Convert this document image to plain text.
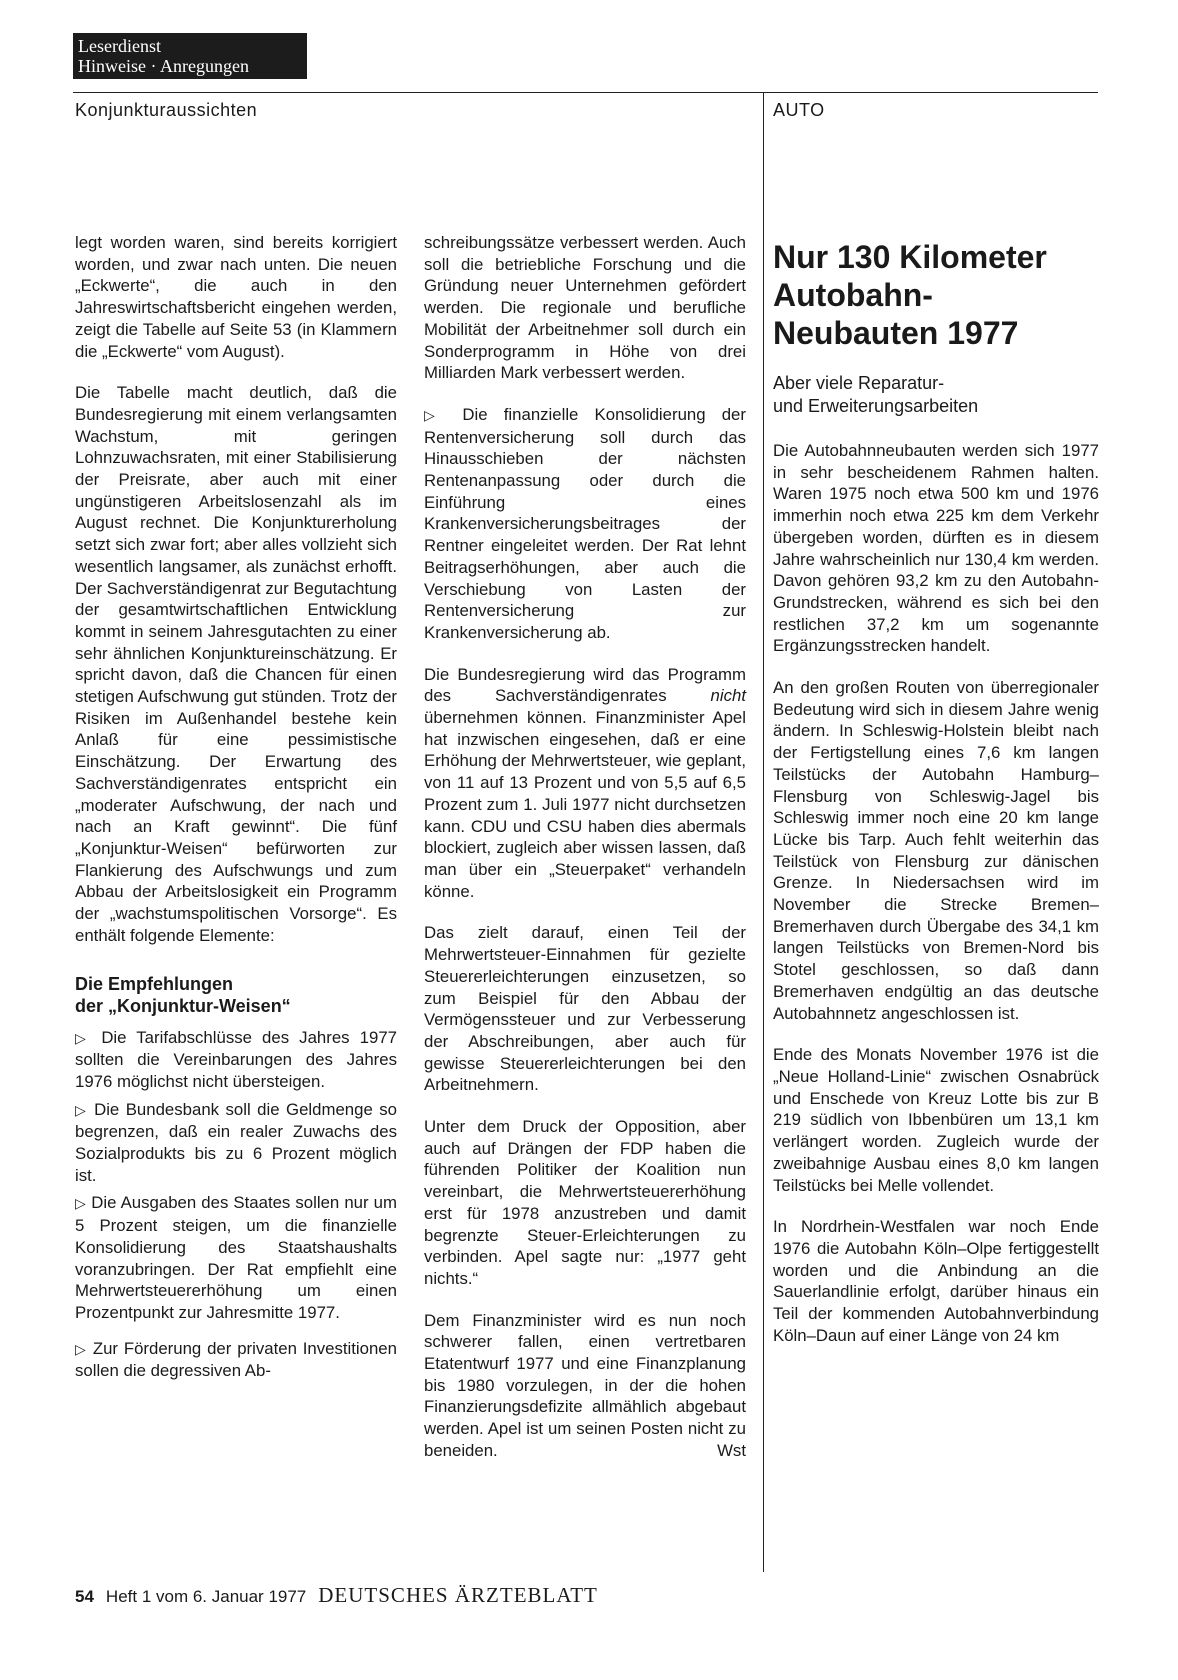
Leserdienst
Hinweise · Anregungen
Konjunkturaussichten	AUTO

legt worden waren, sind bereits korrigiert worden, und zwar nach unten. Die neuen „Eckwerte“, die auch in den Jahreswirtschaftsbericht eingehen werden, zeigt die Tabelle auf Seite 53 (in Klammern die „Eckwerte“ vom August).

Die Tabelle macht deutlich, daß die Bundesregierung mit einem verlangsamten Wachstum, mit geringen Lohnzuwachsraten, mit einer Stabilisierung der Preisrate, aber auch mit einer ungünstigeren Arbeitslosenzahl als im August rechnet. Die Konjunkturerholung setzt sich zwar fort; aber alles vollzieht sich wesentlich langsamer, als zunächst erhofft. Der Sachverständigenrat zur Begutachtung der gesamtwirtschaftlichen Entwicklung kommt in seinem Jahresgutachten zu einer sehr ähnlichen Konjunktureinschätzung. Er spricht davon, daß die Chancen für einen stetigen Aufschwung gut stünden. Trotz der Risiken im Außenhandel bestehe kein Anlaß für eine pessimistische Einschätzung. Der Erwartung des Sachverständigenrates entspricht ein „moderater Aufschwung, der nach und nach an Kraft gewinnt“. Die fünf „Konjunktur-Weisen“ befürworten zur Flankierung des Aufschwungs und zum Abbau der Arbeitslosigkeit ein Programm der „wachstumspolitischen Vorsorge“. Es enthält folgende Elemente:

Die Empfehlungen
der „Konjunktur-Weisen“

▷ Die Tarifabschlüsse des Jahres 1977 sollten die Vereinbarungen des Jahres 1976 möglichst nicht übersteigen.

▷ Die Bundesbank soll die Geldmenge so begrenzen, daß ein realer Zuwachs des Sozialprodukts bis zu 6 Prozent möglich ist.

▷ Die Ausgaben des Staates sollen nur um 5 Prozent steigen, um die finanzielle Konsolidierung des Staatshaushalts voranzubringen. Der Rat empfiehlt eine Mehrwertsteuererhöhung um einen Prozentpunkt zur Jahresmitte 1977.

▷ Zur Förderung der privaten Investitionen sollen die degressiven Ab-

schreibungssätze verbessert werden. Auch soll die betriebliche Forschung und die Gründung neuer Unternehmen gefördert werden. Die regionale und berufliche Mobilität der Arbeitnehmer soll durch ein Sonderprogramm in Höhe von drei Milliarden Mark verbessert werden.

▷ Die finanzielle Konsolidierung der Rentenversicherung soll durch das Hinausschieben der nächsten Rentenanpassung oder durch die Einführung eines Krankenversicherungsbeitrages der Rentner eingeleitet werden. Der Rat lehnt Beitragserhöhungen, aber auch die Verschiebung von Lasten der Rentenversicherung zur Krankenversicherung ab.

Die Bundesregierung wird das Programm des Sachverständigenrates	nicht übernehmen können. Finanzminister Apel hat inzwischen eingesehen, daß er eine Erhöhung der Mehrwertsteuer, wie geplant, von 11 auf 13 Prozent und von 5,5 auf 6,5 Prozent zum 1. Juli 1977 nicht durchsetzen kann. CDU und CSU haben dies abermals blockiert, zugleich aber wissen lassen, daß man über ein „Steuerpaket“ verhandeln könne.

Das zielt darauf, einen Teil der Mehrwertsteuer-Einnahmen für gezielte Steuererleichterungen einzusetzen, so zum Beispiel für den Abbau der Vermögenssteuer und zur Verbesserung der Abschreibungen, aber auch für gewisse Steuererleichterungen bei den Arbeitnehmern.

Unter dem Druck der Opposition, aber auch auf Drängen der FDP haben die führenden Politiker der Koalition nun vereinbart, die Mehrwertsteuererhöhung erst für 1978 anzustreben und damit begrenzte Steuer-Erleichterungen zu verbinden. Apel sagte nur: „1977 geht nichts.“

Dem Finanzminister wird es nun noch schwerer fallen, einen vertretbaren Etatentwurf 1977 und eine Finanzplanung bis 1980 vorzulegen, in der die hohen Finanzierungsdefizite allmählich abgebaut werden. Apel ist um seinen Posten nicht zu beneiden.	Wst

Nur 130 Kilometer
Autobahn-
Neubauten 1977

Aber viele Reparatur-
und Erweiterungsarbeiten

Die Autobahnneubauten werden sich 1977 in sehr bescheidenem Rahmen halten. Waren 1975 noch etwa 500 km und 1976 immerhin noch etwa 225 km dem Verkehr übergeben worden, dürften es in diesem Jahre wahrscheinlich nur 130,4 km werden. Davon gehören 93,2 km zu den Autobahn-Grundstrecken, während es sich bei den restlichen 37,2 km um sogenannte Ergänzungsstrecken handelt.

An den großen Routen von überregionaler Bedeutung wird sich in diesem Jahre wenig ändern. In Schleswig-Holstein bleibt nach der Fertigstellung eines 7,6 km langen Teilstücks der Autobahn Hamburg–Flensburg von Schleswig-Jagel bis Schleswig immer noch eine 20 km lange Lücke bis Tarp. Auch fehlt weiterhin das Teilstück von Flensburg zur dänischen Grenze. In Niedersachsen wird im November die Strecke Bremen–Bremerhaven durch Übergabe des 34,1 km langen Teilstücks von Bremen-Nord bis Stotel geschlossen, so daß dann Bremerhaven endgültig an das deutsche Autobahnnetz angeschlossen ist.

Ende des Monats November 1976 ist die „Neue Holland-Linie“ zwischen Osnabrück und Enschede von Kreuz Lotte bis zur B 219 südlich von Ibbenbüren um 13,1 km verlängert worden. Zugleich wurde der zweibahnige Ausbau eines 8,0 km langen Teilstücks bei Melle vollendet.

In Nordrhein-Westfalen war noch Ende 1976 die Autobahn Köln–Olpe fertiggestellt worden und die Anbindung an die Sauerlandlinie erfolgt, darüber hinaus ein Teil der kommenden Autobahnverbindung Köln–Daun auf einer Länge von 24 km

54 Heft 1 vom 6. Januar 1977 DEUTSCHES ÄRZTEBLATT
